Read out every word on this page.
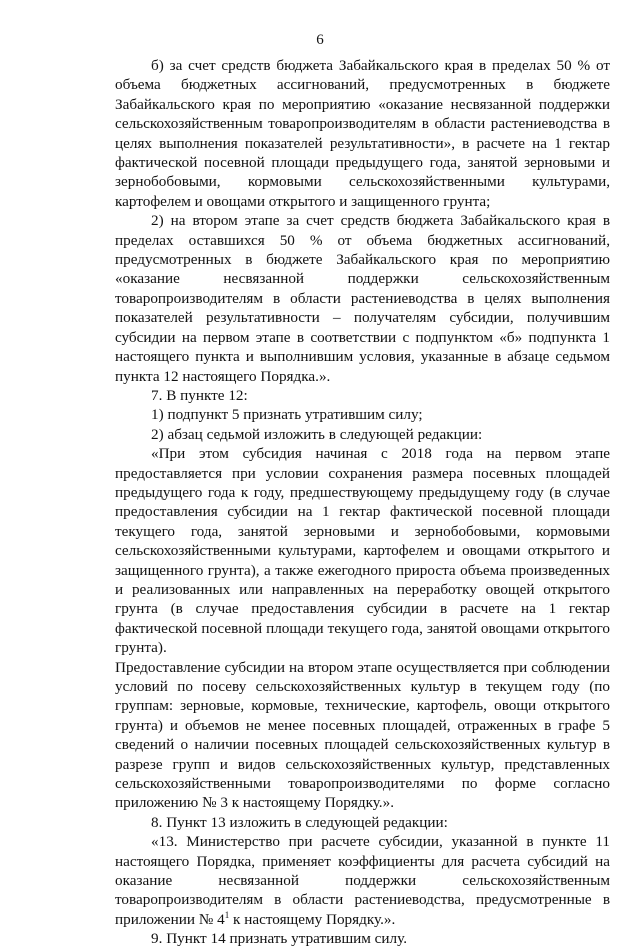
6

б) за счет средств бюджета Забайкальского края в пределах 50 % от объема бюджетных ассигнований, предусмотренных в бюджете Забайкальского края по мероприятию «оказание несвязанной поддержки сельскохозяйственным товаропроизводителям в области растениеводства в целях выполнения показателей результативности», в расчете на 1 гектар фактической посевной площади предыдущего года, занятой зерновыми и зернобобовыми, кормовыми сельскохозяйственными культурами, картофелем и овощами открытого и защищенного грунта;

2) на втором этапе за счет средств бюджета Забайкальского края в пределах оставшихся 50 % от объема бюджетных ассигнований, предусмотренных в бюджете Забайкальского края по мероприятию «оказание несвязанной поддержки сельскохозяйственным товаропроизводителям в области растениеводства в целях выполнения показателей результативности – получателям субсидии, получившим субсидии на первом этапе в соответствии с подпунктом «б» подпункта 1 настоящего пункта и выполнившим условия, указанные в абзаце седьмом пункта 12 настоящего Порядка.».

7. В пункте 12:

1) подпункт 5 признать утратившим силу;

2) абзац седьмой изложить в следующей редакции:

«При этом субсидия начиная с 2018 года на первом этапе предоставляется при условии сохранения размера посевных площадей предыдущего года к году, предшествующему предыдущему году (в случае предоставления субсидии на 1 гектар фактической посевной площади текущего года, занятой зерновыми и зернобобовыми, кормовыми сельскохозяйственными культурами, картофелем и овощами открытого и защищенного грунта), а также ежегодного прироста объема произведенных и реализованных или направленных на переработку овощей открытого грунта (в случае предоставления субсидии в расчете на 1 гектар фактической посевной площади текущего года, занятой овощами открытого грунта).

Предоставление субсидии на втором этапе осуществляется при соблюдении условий по посеву сельскохозяйственных культур в текущем году (по группам: зерновые, кормовые, технические, картофель, овощи открытого грунта) и объемов не менее посевных площадей, отраженных в графе 5 сведений о наличии посевных площадей сельскохозяйственных культур в разрезе групп и видов сельскохозяйственных культур, представленных сельскохозяйственными товаропроизводителями по форме согласно приложению № 3 к настоящему Порядку.».

8. Пункт 13 изложить в следующей редакции:

«13. Министерство при расчете субсидии, указанной в пункте 11 настоящего Порядка, применяет коэффициенты для расчета субсидий на оказание несвязанной поддержки сельскохозяйственным товаропроизводителям в области растениеводства, предусмотренные в приложении № $4^1$ к настоящему Порядку.».

9. Пункт 14 признать утратившим силу.
